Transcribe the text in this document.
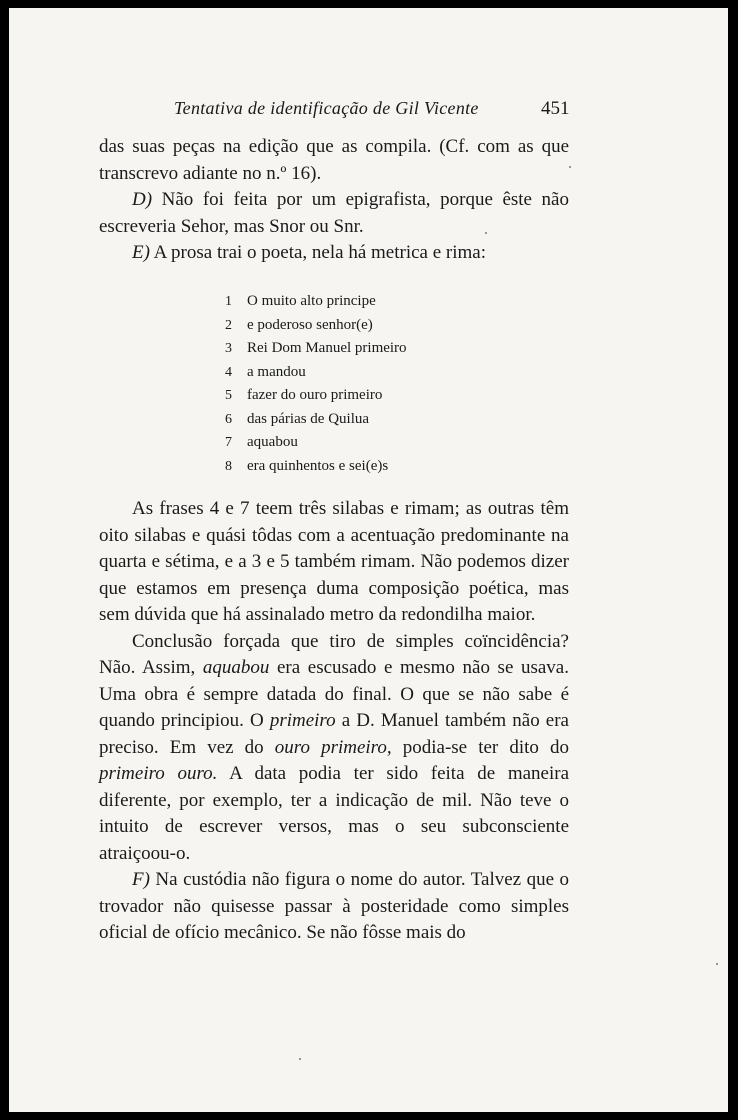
Tentativa de identificação de Gil Vicente	451

das suas peças na edição que as compila. (Cf. com as que transcrevo adiante no n.º 16).

D) Não foi feita por um epigrafista, porque êste não escreveria Sehor, mas Snor ou Snr.

E) A prosa trai o poeta, nela há metrica e rima:

1 O muito alto principe
2 e poderoso senhor(e)
3 Rei Dom Manuel primeiro
4 a mandou
5 fazer do ouro primeiro
6 das párias de Quilua
7 aquabou
8 era quinhentos e sei(e)s

As frases 4 e 7 teem três silabas e rimam; as outras têm oito silabas e quási tôdas com a acentuação predominante na quarta e sétima, e a 3 e 5 também rimam. Não podemos dizer que estamos em presença duma composição poética, mas sem dúvida que há assinalado metro da redondilha maior.

Conclusão forçada que tiro de simples coïncidência? Não. Assim, aquabou era escusado e mesmo não se usava. Uma obra é sempre datada do final. O que se não sabe é quando principiou. O primeiro a D. Manuel também não era preciso. Em vez do ouro primeiro, podia-se ter dito do primeiro ouro. A data podia ter sido feita de maneira diferente, por exemplo, ter a indicação de mil. Não teve o intuito de escrever versos, mas o seu subconsciente atraiçoou-o.

F) Na custódia não figura o nome do autor. Talvez que o trovador não quisesse passar à posteridade como simples oficial de ofício mecânico. Se não fôsse mais do
